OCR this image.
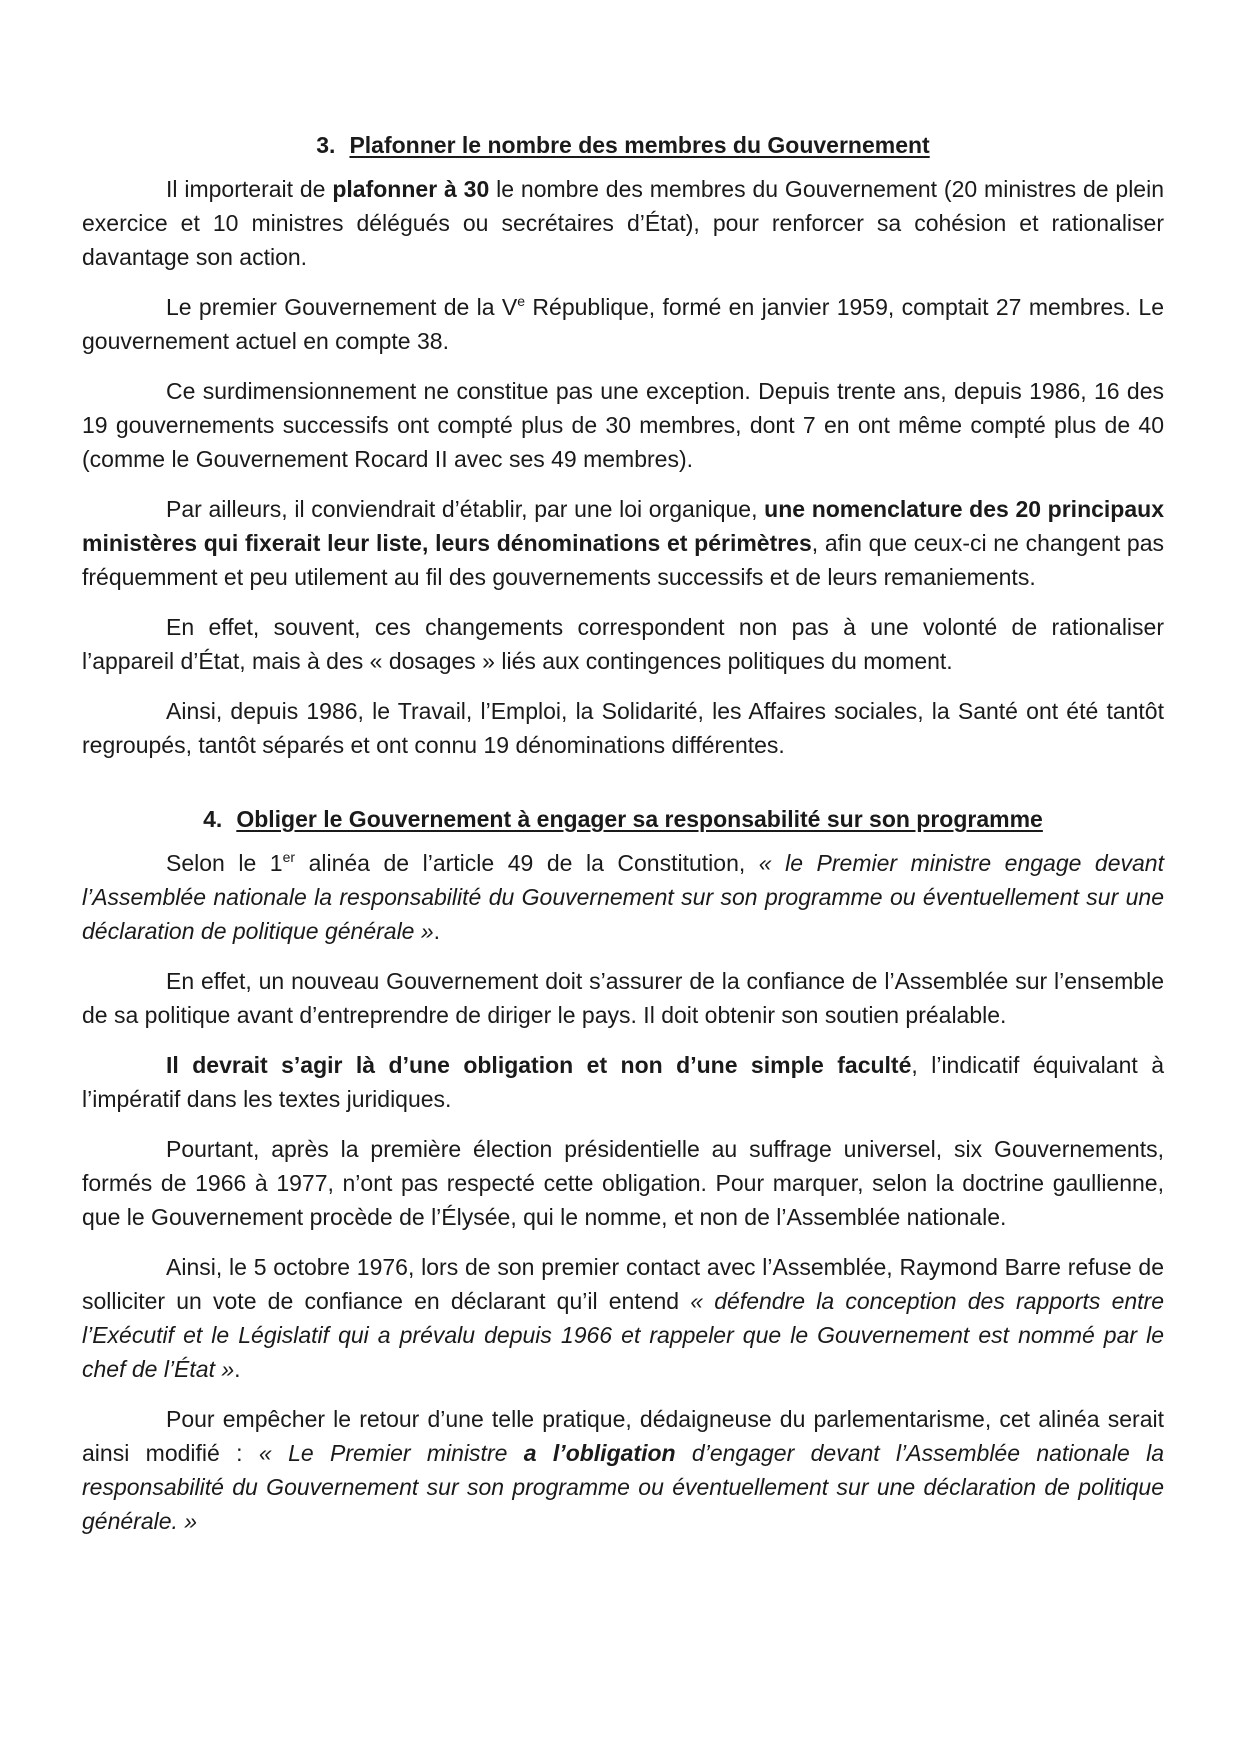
3. Plafonner le nombre des membres du Gouvernement

Il importerait de plafonner à 30 le nombre des membres du Gouvernement (20 ministres de plein exercice et 10 ministres délégués ou secrétaires d’État), pour renforcer sa cohésion et rationaliser davantage son action.

Le premier Gouvernement de la Ve République, formé en janvier 1959, comptait 27 membres. Le gouvernement actuel en compte 38.

Ce surdimensionnement ne constitue pas une exception. Depuis trente ans, depuis 1986, 16 des 19 gouvernements successifs ont compté plus de 30 membres, dont 7 en ont même compté plus de 40 (comme le Gouvernement Rocard II avec ses 49 membres).

Par ailleurs, il conviendrait d’établir, par une loi organique, une nomenclature des 20 principaux ministères qui fixerait leur liste, leurs dénominations et périmètres, afin que ceux-ci ne changent pas fréquemment et peu utilement au fil des gouvernements successifs et de leurs remaniements.

En effet, souvent, ces changements correspondent non pas à une volonté de rationaliser l’appareil d’État, mais à des « dosages » liés aux contingences politiques du moment.

Ainsi, depuis 1986, le Travail, l’Emploi, la Solidarité, les Affaires sociales, la Santé ont été tantôt regroupés, tantôt séparés et ont connu 19 dénominations différentes.

4. Obliger le Gouvernement à engager sa responsabilité sur son programme

Selon le 1er alinéa de l’article 49 de la Constitution, « le Premier ministre engage devant l’Assemblée nationale la responsabilité du Gouvernement sur son programme ou éventuellement sur une déclaration de politique générale ».

En effet, un nouveau Gouvernement doit s’assurer de la confiance de l’Assemblée sur l’ensemble de sa politique avant d’entreprendre de diriger le pays. Il doit obtenir son soutien préalable.

Il devrait s’agir là d’une obligation et non d’une simple faculté, l’indicatif équivalant à l’impératif dans les textes juridiques.

Pourtant, après la première élection présidentielle au suffrage universel, six Gouvernements, formés de 1966 à 1977, n’ont pas respecté cette obligation. Pour marquer, selon la doctrine gaullienne, que le Gouvernement procède de l’Élysée, qui le nomme, et non de l’Assemblée nationale.

Ainsi, le 5 octobre 1976, lors de son premier contact avec l’Assemblée, Raymond Barre refuse de solliciter un vote de confiance en déclarant qu’il entend « défendre la conception des rapports entre l’Exécutif et le Législatif qui a prévalu depuis 1966 et rappeler que le Gouvernement est nommé par le chef de l’État ».

Pour empêcher le retour d’une telle pratique, dédaigneuse du parlementarisme, cet alinéa serait ainsi modifié : « Le Premier ministre a l’obligation d’engager devant l’Assemblée nationale la responsabilité du Gouvernement sur son programme ou éventuellement sur une déclaration de politique générale. »
